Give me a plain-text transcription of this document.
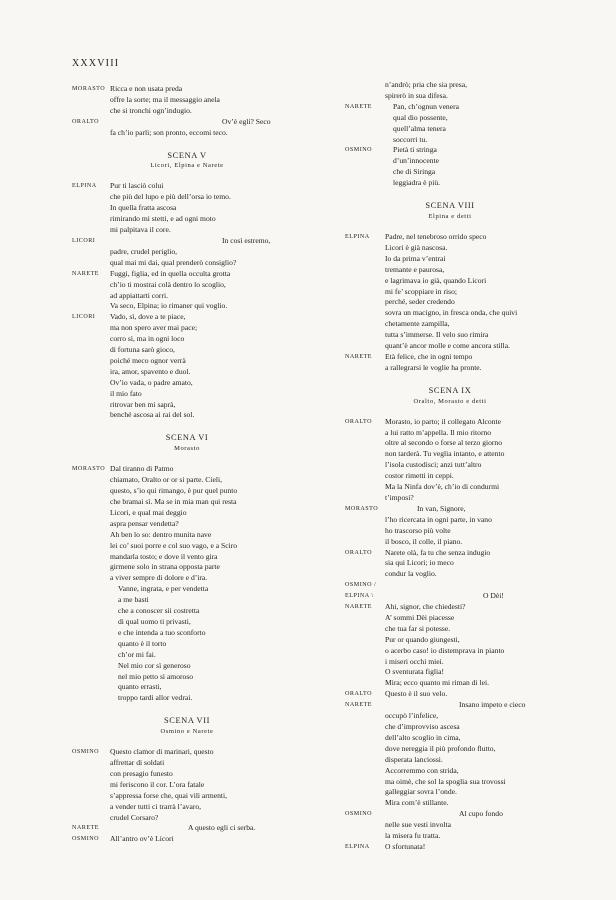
XXXVIII
MORASTO Ricca e non usata preda
offre la sorte; ma il messaggio anela
che si tronchi ogn’indugio.
ORALTO	Ov’è egli? Seco
fa ch’io parli; son pronto, eccomi teco.
SCENA V
Licori, Elpina e Narete
ELPINA Pur ti lasciò colui
che più del lupo e più dell’orsa io temo.
In quella fratta ascosa
rimirando mi stetti, e ad ogni moto
mi palpitava il core.
LICORI	In così estremo,
padre, crudel periglio,
qual mai mi dai, qual prenderò consiglio?
NARETE Fuggi, figlia, ed in quella occulta grotta
ch’io ti mostrai colà dentro lo scoglio,
ad appiattarti corri.
Va seco, Elpina; io rimaner qui voglio.
LICORI Vado, sì, dove a te piace,
ma non spero aver mai pace;
corro sì, ma in ogni loco
di fortuna sarò gioco,
poiché meco ognor verrà
ira, amor, spavento e duol.
Ov’io vada, o padre amato,
il mio fato
ritrovar ben mi saprà,
benché ascosa ai rai del sol.
SCENA VI
Morasto
MORASTO Dal tiranno di Patmo
chiamato, Oralto or or si parte. Cieli,
questo, s’io qui rimango, è pur quel punto
che bramai sì. Ma se in mia man qui resta
Licori, e qual mai deggio
aspra pensar vendetta?
Ah ben lo so: dentro munita nave
lei co’ suoi porre e col suo vago, e a Sciro
mandarla tosto; e dove il vento gira
girmene solo in strana opposta parte
a viver sempre di dolore e d’ira.
Vanne, ingrata, e per vendetta
a me basti
che a conoscer sii costretta
di qual uomo ti privasti,
e che intenda a tuo sconforto
quanto è il torto
ch’or mi fai.
Nel mio cor sì generoso
nel mio petto sì amoroso
quanto errasti,
troppo tardi allor vedrai.
SCENA VII
Osmino e Narete
OSMINO Questo clamor di marinari, questo
affrettar di soldati
con presagio funesto
mi feriscono il cor. L’ora fatale
s’appressa forse che, quai vili armenti,
a vender tutti ci trarrà l’avaro,
crudel Corsaro?
NARETE	A questo egli ci serba.
OSMINO All’antro ov’è Licori
n’andrò; pria che sia presa,
spirerò in sua difesa.
NARETE	Pan, ch’ognun venera
qual dio possente,
quell’alma tenera
soccorri tu.
OSMINO	Pietà ti stringa
d’un’innocente
che di Siringa
leggiadra è più.
SCENA VIII
Elpina e detti
ELPINA Padre, nel tenebroso orrido speco
Licori è già nascosa.
Io da prima v’entrai
tremante e paurosa,
e lagrimava io già, quando Licori
mi fe’ scoppiare in riso;
perché, seder credendo
sovra un macigno, in fresca onda, che quivi
chetamente zampilla,
tutta s’immerse. Il velo suo rimira
quant’è ancor molle e come ancora stilla.
NARETE Età felice, che in ogni tempo
a rallegrarsi le voglie ha pronte.
SCENA IX
Oralto, Morasto e detti
ORALTO Morasto, io parto; il collegato Alconte
a lui ratto m’appella. Il mio ritorno
oltre al secondo o forse al terzo giorno
non tarderà. Tu veglia intanto, e attento
l’isola custodisci; anzi tutt’altro
costor rimetti in ceppi.
Ma la Ninfa dov’è, ch’io di condurmi
t’imposi?
MORASTO	In van, Signore,
l’ho ricercata in ogni parte, in vano
ho trascorso più volte
il bosco, il colle, il piano.
ORALTO Narete olà, fa tu che senza indugio
sia qui Licori; io meco
condur la voglio.
OSMINO /
ELPINA \	O Dèi!
NARETE Ahi, signor, che chiedesti?
A’ sommi Dèi piacesse
che tua far si potesse.
Pur or quando giungesti,
o acerbo caso! io distemprava in pianto
i miseri occhi miei.
O sventurata figlia!
Mira; ecco quanto mi riman di lei.
ORALTO Questo è il suo velo.
NARETE	Insano impeto e cieco
occupò l’infelice,
che d’improvviso ascesa
dell’alto scoglio in cima,
dove nereggia il più profondo flutto,
disperata lanciossi.
Accorremmo con strida,
ma oimè, che sol la spoglia sua trovossi
galleggiar sovra l’onde.
Mira com’è stillante.
OSMINO	Al cupo fondo
nelle sue vesti involta
la misera fu tratta.
ELPINA O sfortunata!
